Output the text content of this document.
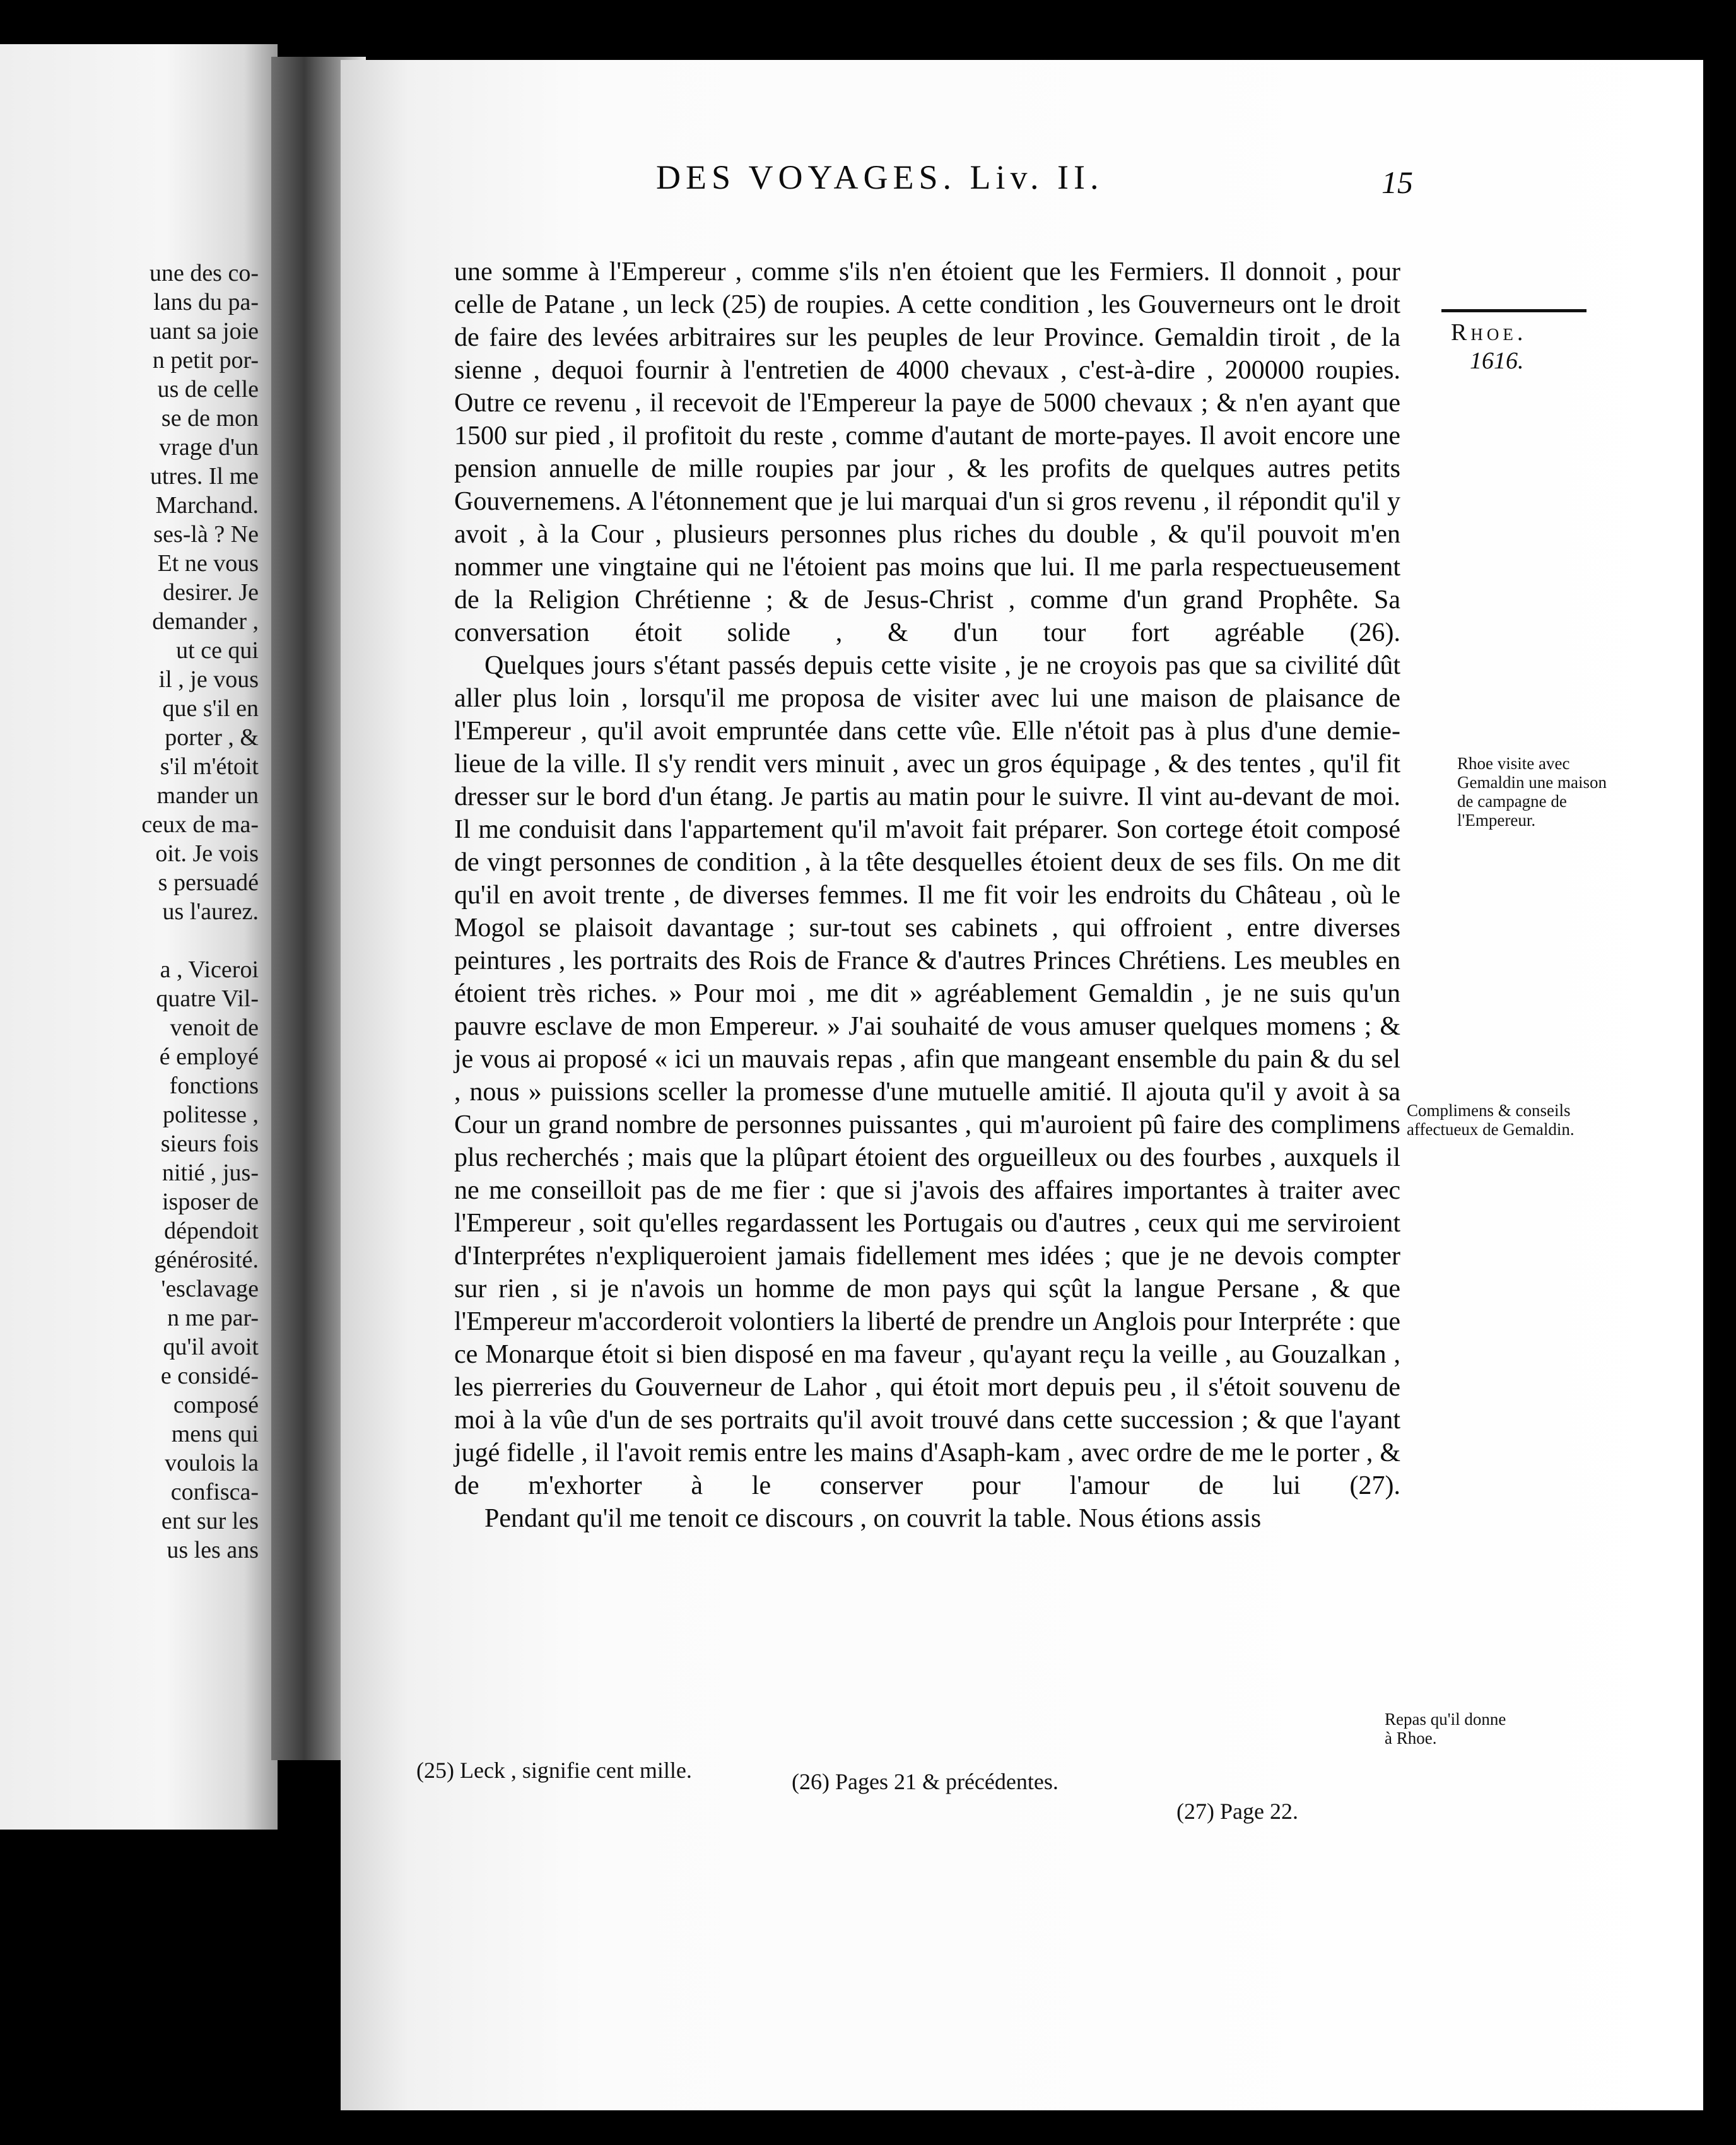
une des co-
lans du pa-
uant sa joie
n petit por-
us de celle
se de mon
vrage d'un
utres. Il me
Marchand.
ses-là ? Ne
Et ne vous
desirer. Je
demander ,
ut ce qui
il , je vous
que s'il en
porter , &
s'il m'étoit
mander un
ceux de ma-
oit. Je vois
s persuadé
us l'aurez.
a , Viceroi
quatre Vil-
venoit de
é employé
fonctions
politesse ,
sieurs fois
nitié , jus-
isposer de
dépendoit
générosité.
'esclavage
n me par-
qu'il avoit
e considé-
composé
mens qui
voulois la
confisca-
ent sur les
us les ans
DES VOYAGES. Liv. II.	15
Rhoe.
1616.

une somme à l'Empereur , comme s'ils n'en étoient que les Fermiers. Il donnoit , pour celle de Patane , un leck (25) de roupies. A cette condition , les Gouverneurs ont le droit de faire des levées arbitraires sur les peuples de leur Province. Gemaldin tiroit , de la sienne , dequoi fournir à l'entretien de 4000 chevaux , c'est-à-dire , 200000 roupies. Outre ce revenu , il recevoit de l'Empereur la paye de 5000 chevaux ; & n'en ayant que 1500 sur pied , il profitoit du reste , comme d'autant de morte-payes. Il avoit encore une pension annuelle de mille roupies par jour , & les profits de quelques autres petits Gouvernemens. A l'étonnement que je lui marquai d'un si gros revenu , il répondit qu'il y avoit , à la Cour , plusieurs personnes plus riches du double , & qu'il pouvoit m'en nommer une vingtaine qui ne l'étoient pas moins que lui. Il me parla respectueusement de la Religion Chrétienne ; & de Jesus-Christ , comme d'un grand Prophête. Sa conversation étoit solide , & d'un tour fort agréable (26).

Quelques jours s'étant passés depuis cette visite , je ne croyois pas que sa civilité dût aller plus loin , lorsqu'il me proposa de visiter avec lui une maison de plaisance de l'Empereur , qu'il avoit empruntée dans cette vûe. Elle n'étoit pas à plus d'une demie-lieue de la ville. Il s'y rendit vers minuit , avec un gros équipage , & des tentes , qu'il fit dresser sur le bord d'un étang. Je partis au matin pour le suivre. Il vint au-devant de moi. Il me conduisit dans l'appartement qu'il m'avoit fait préparer. Son cortege étoit composé de vingt personnes de condition , à la tête desquelles étoient deux de ses fils. On me dit qu'il en avoit trente , de diverses femmes. Il me fit voir les endroits du Château , où le Mogol se plaisoit davantage ; sur-tout ses cabinets , qui offroient , entre diverses peintures , les portraits des Rois de France & d'autres Princes Chrétiens. Les meubles en étoient très riches. » Pour moi , me dit » agréablement Gemaldin , je ne suis qu'un pauvre esclave de mon Empereur. » J'ai souhaité de vous amuser quelques momens ; & je vous ai proposé « ici un mauvais repas , afin que mangeant ensemble du pain & du sel , nous » puissions sceller la promesse d'une mutuelle amitié. Il ajouta qu'il y avoit à sa Cour un grand nombre de personnes puissantes , qui m'auroient pû faire des complimens plus recherchés ; mais que la plûpart étoient des orgueilleux ou des fourbes , auxquels il ne me conseilloit pas de me fier : que si j'avois des affaires importantes à traiter avec l'Empereur , soit qu'elles regardassent les Portugais ou d'autres , ceux qui me serviroient d'Interprétes n'expliqueroient jamais fidellement mes idées ; que je ne devois compter sur rien , si je n'avois un homme de mon pays qui sçût la langue Persane , & que l'Empereur m'accorderoit volontiers la liberté de prendre un Anglois pour Interpréte : que ce Monarque étoit si bien disposé en ma faveur , qu'ayant reçu la veille , au Gouzalkan , les pierreries du Gouverneur de Lahor , qui étoit mort depuis peu , il s'étoit souvenu de moi à la vûe d'un de ses portraits qu'il avoit trouvé dans cette succession ; & que l'ayant jugé fidelle , il l'avoit remis entre les mains d'Asaph-kam , avec ordre de me le porter , & de m'exhorter à le conserver pour l'amour de lui (27).

Pendant qu'il me tenoit ce discours , on couvrit la table. Nous étions assis

Rhoe visite avec Gemaldin une maison de campagne de l'Empereur.
Complimens & conseils affectueux de Gemaldin.
Repas qu'il donne à Rhoe.
(25) Leck , signifie cent mille.	(26) Pages 21 & précédentes.
(27) Page 22.
